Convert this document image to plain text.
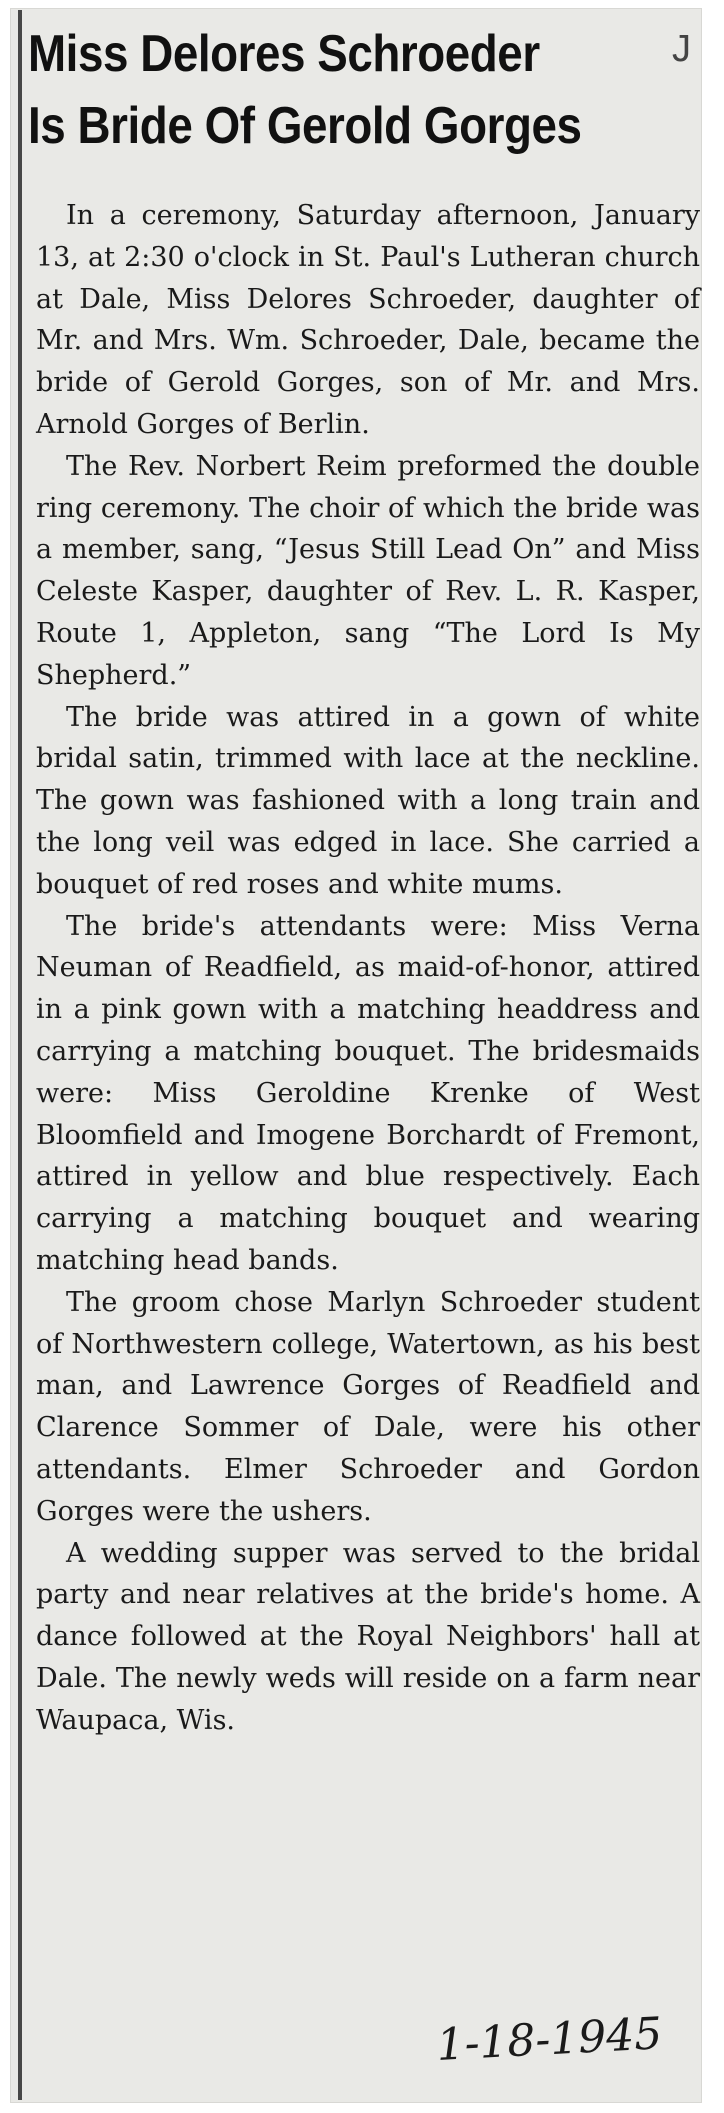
Miss Delores Schroeder
Is Bride Of Gerold Gorges
J

In a ceremony, Saturday afternoon, January 13, at 2:30 o'clock in St. Paul's Lutheran church at Dale, Miss Delores Schroeder, daughter of Mr. and Mrs. Wm. Schroeder, Dale, became the bride of Gerold Gorges, son of Mr. and Mrs. Arnold Gorges of Berlin.

The Rev. Norbert Reim preformed the double ring ceremony. The choir of which the bride was a member, sang, “Jesus Still Lead On” and Miss Celeste Kasper, daughter of Rev. L. R. Kasper, Route 1, Appleton, sang “The Lord Is My Shepherd.”

The bride was attired in a gown of white bridal satin, trimmed with lace at the neckline. The gown was fashioned with a long train and the long veil was edged in lace. She carried a bouquet of red roses and white mums.

The bride's attendants were: Miss Verna Neuman of Readfield, as maid-of-honor, attired in a pink gown with a matching headdress and carrying a matching bouquet. The bridesmaids were: Miss Geroldine Krenke of West Bloomfield and Imogene Borchardt of Fremont, attired in yellow and blue respectively. Each carrying a matching bouquet and wearing matching head bands.

The groom chose Marlyn Schroeder student of Northwestern college, Watertown, as his best man, and Lawrence Gorges of Readfield and Clarence Sommer of Dale, were his other attendants. Elmer Schroeder and Gordon Gorges were the ushers.

A wedding supper was served to the bridal party and near relatives at the bride's home. A dance followed at the Royal Neighbors' hall at Dale. The newly weds will reside on a farm near Waupaca, Wis.

1-18-1945
